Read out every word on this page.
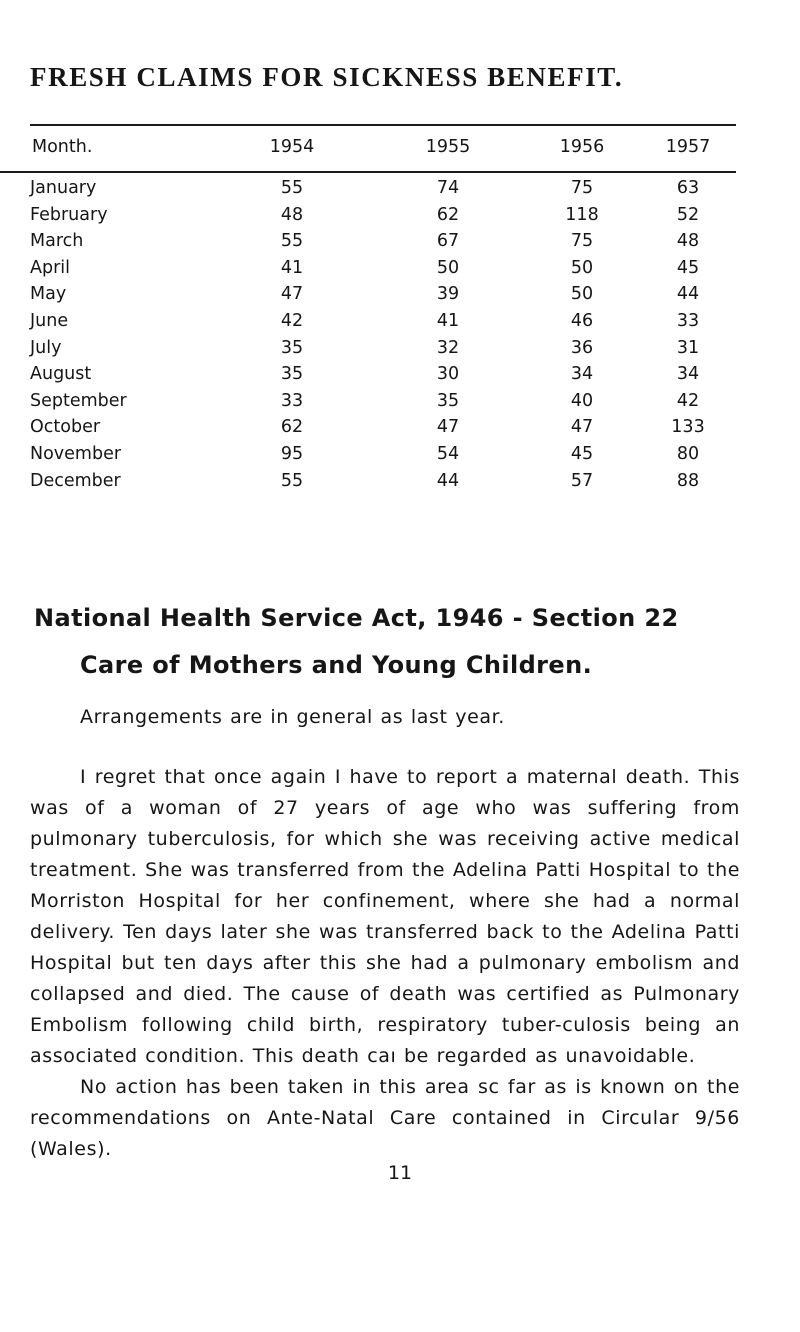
FRESH CLAIMS FOR SICKNESS BENEFIT.
Month.	1954	1955	1956	1957
January	55	74	75	63
February	48	62	118	52
March	55	67	75	48
April	41	50	50	45
May	47	39	50	44
June	42	41	46	33
July	35	32	36	31
August	35	30	34	34
September	33	35	40	42
October	62	47	47	133
November	95	54	45	80
December	55	44	57	88
National Health Service Act, 1946 - Section 22
Care of Mothers and Young Children.
Arrangements are in general as last year.
I regret that once again I have to report a maternal death. This was of a woman of 27 years of age who was suffering from pulmonary tuberculosis, for which she was receiving active medical treatment. She was transferred from the Adelina Patti Hospital to the Morriston Hospital for her confinement, where she had a normal delivery. Ten days later she was transferred back to the Adelina Patti Hospital but ten days after this she had a pulmonary embolism and collapsed and died. The cause of death was certified as Pulmonary Embolism following child birth, respiratory tuber-culosis being an associated condition. This death caı be regarded as unavoidable.
No action has been taken in this area sc far as is known on the recommendations on Ante-Natal Care contained in Circular 9/56 (Wales).
11
